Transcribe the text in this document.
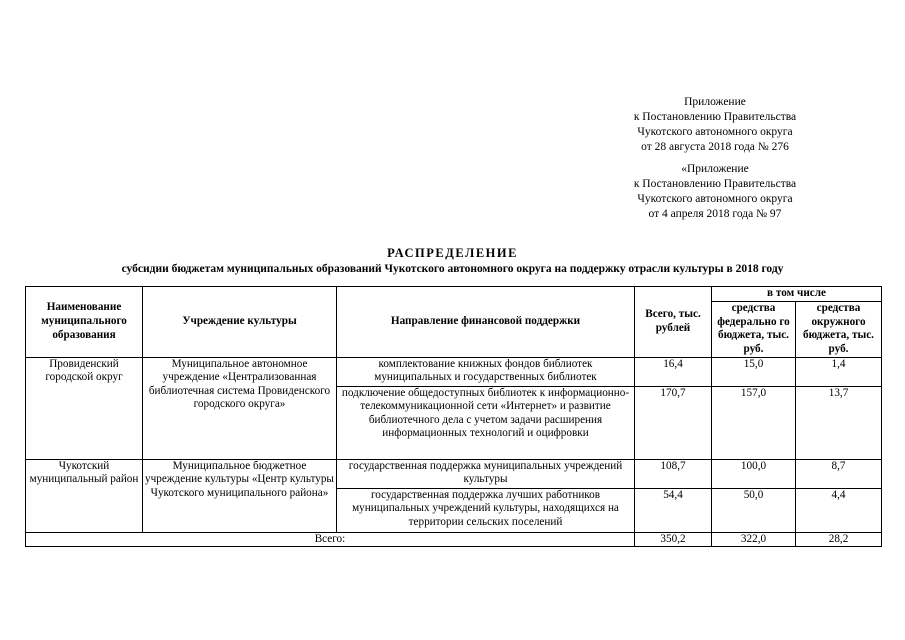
Приложение
к Постановлению Правительства
Чукотского автономного округа
от 28 августа 2018 года № 276
«Приложение
к Постановлению Правительства
Чукотского автономного округа
от 4 апреля 2018 года № 97
РАСПРЕДЕЛЕНИЕ
субсидии бюджетам муниципальных образований Чукотского автономного округа на поддержку отрасли культуры в 2018 году
Наименование муниципального образования	Учреждение культуры	Направление финансовой поддержки	Всего, тыс. рублей	в том числе	
				средства федерально го бюджета, тыс. руб.	средства окружного бюджета, тыс. руб.
Провиденский городской округ	Муниципальное автономное учреждение «Централизованная библиотечная система Провиденского городского округа»	комплектование книжных фондов библиотек муниципальных и государственных библиотек	16,4	15,0	1,4
		подключение общедоступных библиотек к информационно-телекоммуникационной сети «Интернет» и развитие библиотечного дела с учетом задачи расширения информационных технологий и оцифровки	170,7	157,0	13,7
Чукотский муниципальный район	Муниципальное бюджетное учреждение культуры «Центр культуры Чукотского муниципального района»	государственная поддержка муниципальных учреждений культуры	108,7	100,0	8,7
		государственная поддержка лучших работников муниципальных учреждений культуры, находящихся на территории сельских поселений	54,4	50,0	4,4
Всего:			350,2	322,0	28,2
